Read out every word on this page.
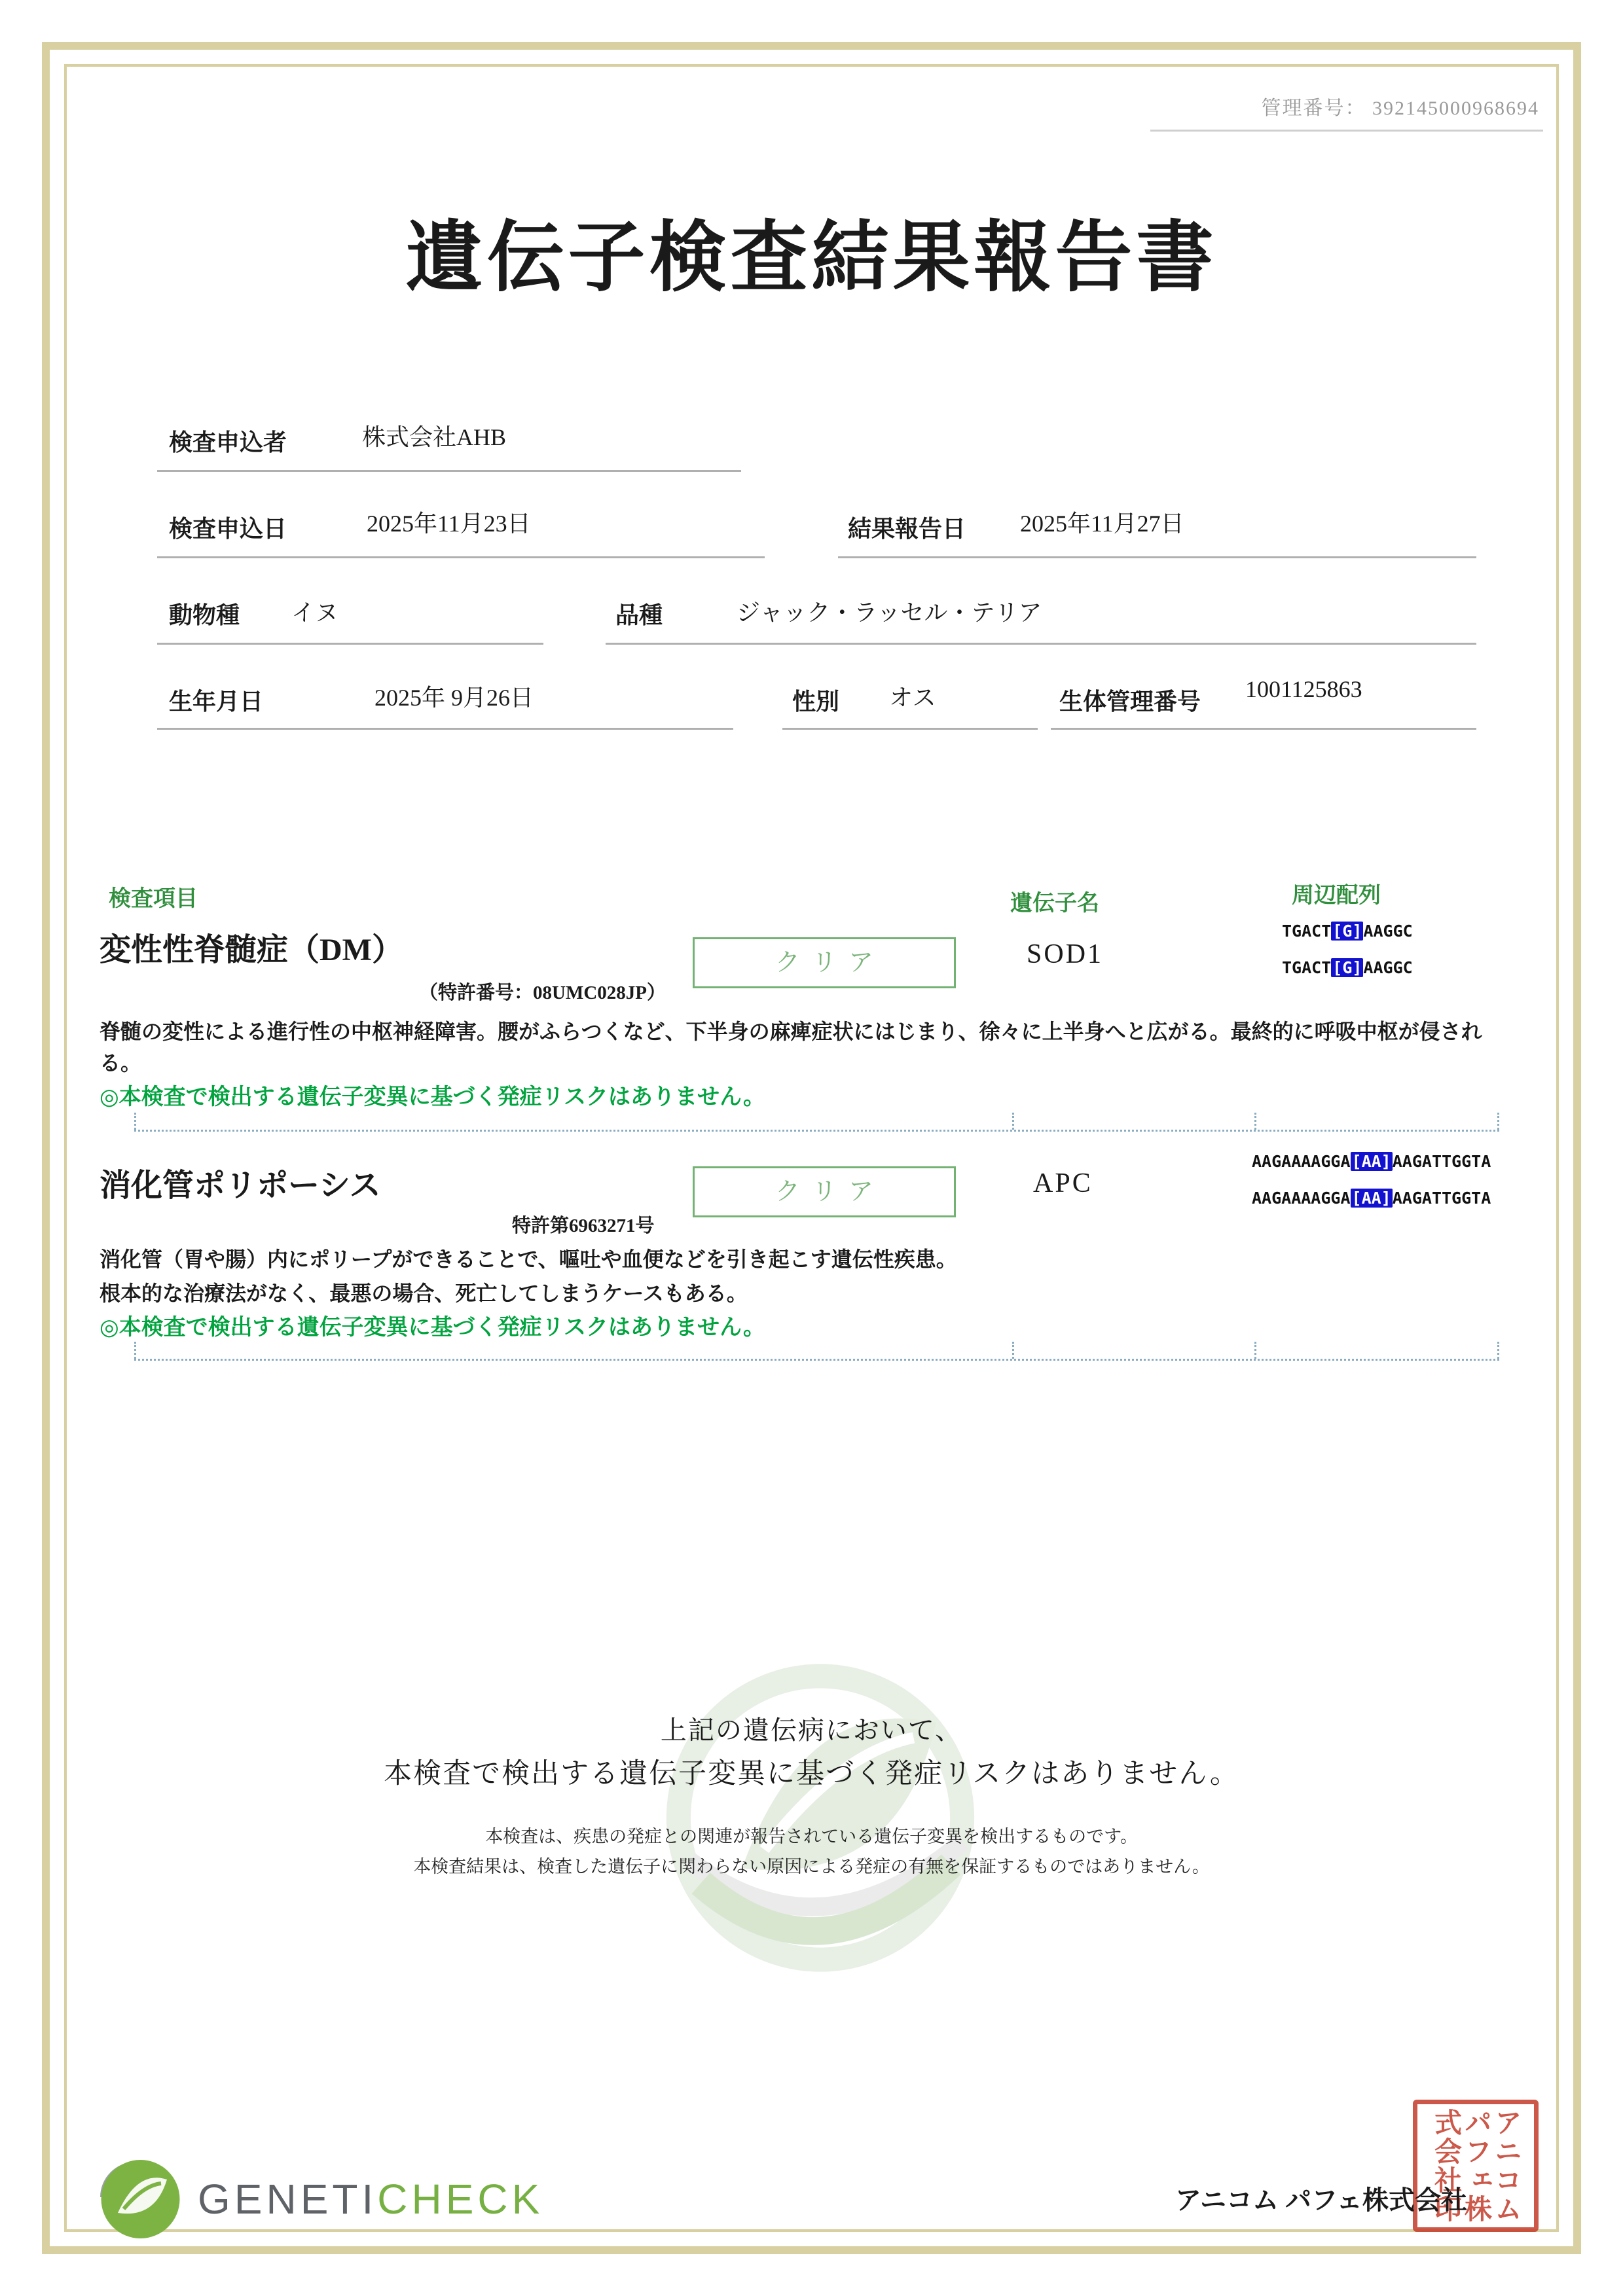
管理番号： 392145000968694
遺伝子検査結果報告書
検査申込者	株式会社AHB
検査申込日	2025年11月23日	結果報告日 2025年11月27日
動物種 イヌ	品種	ジャック・ラッセル・テリア
生年月日	2025年 9月26日	性別 オス	生体管理番号 1001125863
検査項目	遺伝子名	周辺配列
変性性脊髄症（DM）
（特許番号：08UMC028JP）
クリア	SOD1
TGACT[G]AAGGC
TGACT[G]AAGGC
脊髄の変性による進行性の中枢神経障害。腰がふらつくなど、下半身の麻痺症状にはじまり、徐々に上半身へと広がる。最終的に呼吸中枢が侵される。
◎本検査で検出する遺伝子変異に基づく発症リスクはありません。
消化管ポリポーシス
特許第6963271号
クリア	APC
AAGAAAAGGA[AA]AAGATTGGTA
AAGAAAAGGA[AA]AAGATTGGTA
消化管（胃や腸）内にポリープができることで、嘔吐や血便などを引き起こす遺伝性疾患。
根本的な治療法がなく、最悪の場合、死亡してしまうケースもある。
◎本検査で検出する遺伝子変異に基づく発症リスクはありません。
上記の遺伝病において、
本検査で検出する遺伝子変異に基づく発症リスクはありません。
本検査は、疾患の発症との関連が報告されている遺伝子変異を検出するものです。
本検査結果は、検査した遺伝子に関わらない原因による発症の有無を保証するものではありません。
GENETICHECK	アニコム パフェ株式会社 アニコム
パフェ株
式会社印
